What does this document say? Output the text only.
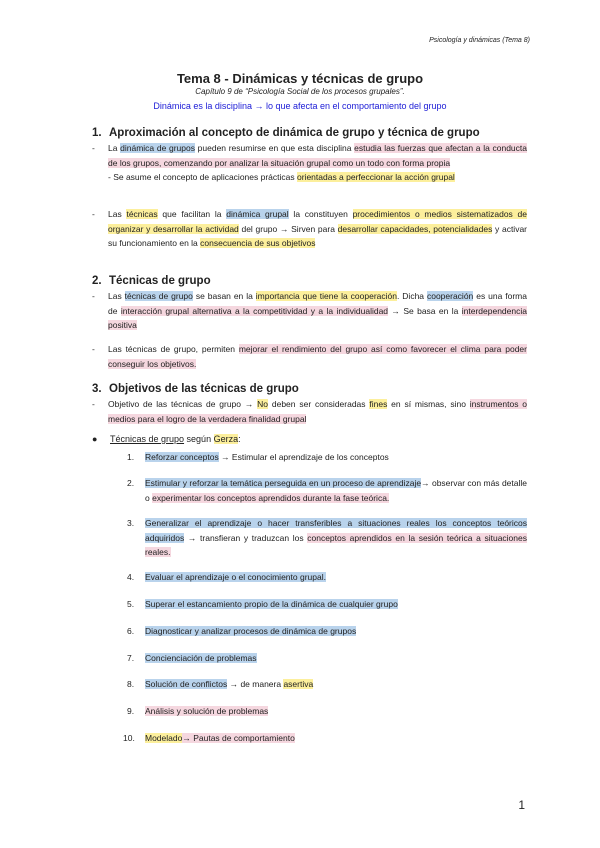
Psicología y dinámicas (Tema 8)
Tema 8 - Dinámicas y técnicas de grupo
Capítulo 9 de “Psicología Social de los procesos grupales”.
Dinámica es la disciplina → lo que afecta en el comportamiento del grupo
1. Aproximación al concepto de dinámica de grupo y técnica de grupo
- La dinámica de grupos pueden resumirse en que esta disciplina estudia las fuerzas que afectan a la conducta de los grupos, comenzando por analizar la situación grupal como un todo con forma propia
- Se asume el concepto de aplicaciones prácticas orientadas a perfeccionar la acción grupal
- Las técnicas que facilitan la dinámica grupal la constituyen procedimientos o medios sistematizados de organizar y desarrollar la actividad del grupo → Sirven para desarrollar capacidades, potencialidades y activar su funcionamiento en la consecuencia de sus objetivos
2. Técnicas de grupo
- Las técnicas de grupo se basan en la importancia que tiene la cooperación. Dicha cooperación es una forma de interacción grupal alternativa a la competitividad y a la individualidad → Se basa en la interdependencia positiva
- Las técnicas de grupo, permiten mejorar el rendimiento del grupo así como favorecer el clima para poder conseguir los objetivos.
3. Objetivos de las técnicas de grupo
- Objetivo de las técnicas de grupo → No deben ser consideradas fines en sí mismas, sino instrumentos o medios para el logro de la verdadera finalidad grupal
● Técnicas de grupo según Gerza:
1. Reforzar conceptos → Estimular el aprendizaje de los conceptos
2. Estimular y reforzar la temática perseguida en un proceso de aprendizaje→ observar con más detalle o experimentar los conceptos aprendidos durante la fase teórica.
3. Generalizar el aprendizaje o hacer transferibles a situaciones reales los conceptos teóricos adquiridos → transfieran y traduzcan los conceptos aprendidos en la sesión teórica a situaciones reales.
4. Evaluar el aprendizaje o el conocimiento grupal.
5. Superar el estancamiento propio de la dinámica de cualquier grupo
6. Diagnosticar y analizar procesos de dinámica de grupos
7. Concienciación de problemas
8. Solución de conflictos → de manera asertiva
9. Análisis y solución de problemas
10. Modelado→ Pautas de comportamiento
1
